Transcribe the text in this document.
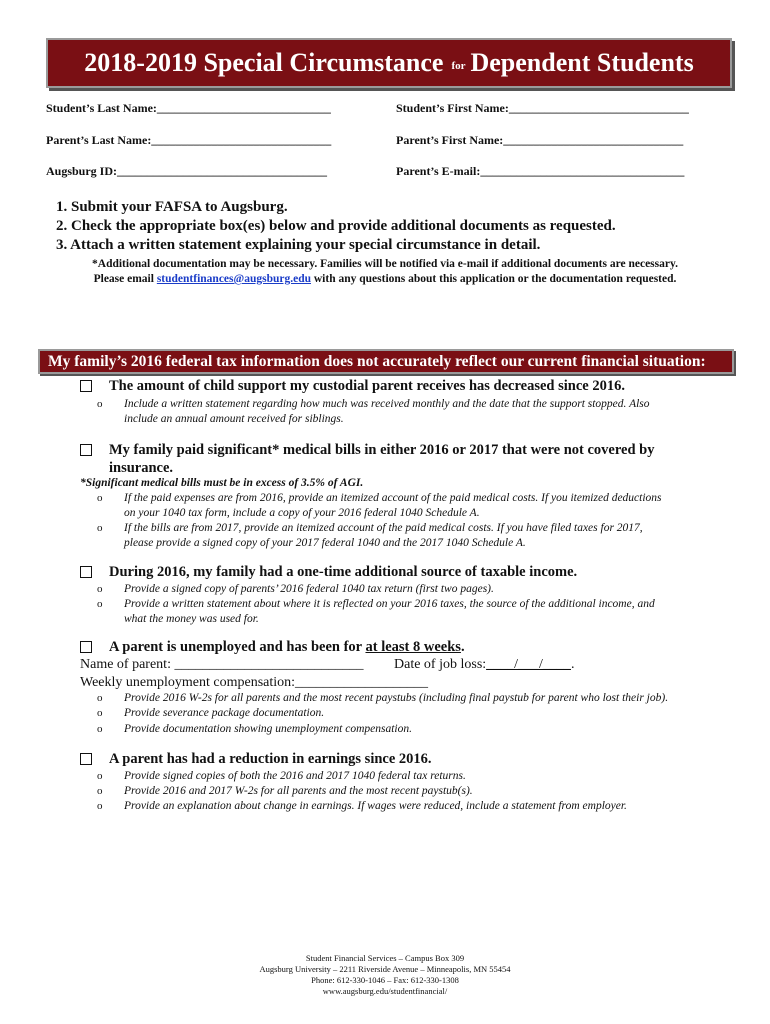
2018-2019 Special Circumstance for Dependent Students
Student’s Last Name:_____________________________	Student’s First Name:______________________________
Parent’s Last Name:______________________________	Parent’s First Name:______________________________
Augsburg ID:___________________________________	Parent’s E-mail:__________________________________
1. Submit your FAFSA to Augsburg.
2. Check the appropriate box(es) below and provide additional documents as requested.
3. Attach a written statement explaining your special circumstance in detail.
*Additional documentation may be necessary. Families will be notified via e-mail if additional documents are necessary.
Please email studentfinances@augsburg.edu with any questions about this application or the documentation requested.
My family’s 2016 federal tax information does not accurately reflect our current financial situation:
The amount of child support my custodial parent receives has decreased since 2016.
o Include a written statement regarding how much was received monthly and the date that the support stopped. Also
include an annual amount received for siblings.
My family paid significant* medical bills in either 2016 or 2017 that were not covered by
insurance.
*Significant medical bills must be in excess of 3.5% of AGI.
o If the paid expenses are from 2016, provide an itemized account of the paid medical costs. If you itemized deductions
on your 1040 tax form, include a copy of your 2016 federal 1040 Schedule A.
o If the bills are from 2017, provide an itemized account of the paid medical costs. If you have filed taxes for 2017,
please provide a signed copy of your 2017 federal 1040 and the 2017 1040 Schedule A.
During 2016, my family had a one-time additional source of taxable income.
o Provide a signed copy of parents’ 2016 federal 1040 tax return (first two pages).
o Provide a written statement about where it is reflected on your 2016 taxes, the source of the additional income, and
what the money was used for.
A parent is unemployed and has been for at least 8 weeks.
Name of parent: ___________________________ Date of job loss:____/___/____.
Weekly unemployment compensation:___________________
o Provide 2016 W-2s for all parents and the most recent paystubs (including final paystub for parent who lost their job).
o Provide severance package documentation.
o Provide documentation showing unemployment compensation.
A parent has had a reduction in earnings since 2016.
o Provide signed copies of both the 2016 and 2017 1040 federal tax returns.
o Provide 2016 and 2017 W-2s for all parents and the most recent paystub(s).
o Provide an explanation about change in earnings. If wages were reduced, include a statement from employer.
Student Financial Services – Campus Box 309
Augsburg University – 2211 Riverside Avenue – Minneapolis, MN 55454
Phone: 612-330-1046 – Fax: 612-330-1308
www.augsburg.edu/studentfinancial/
